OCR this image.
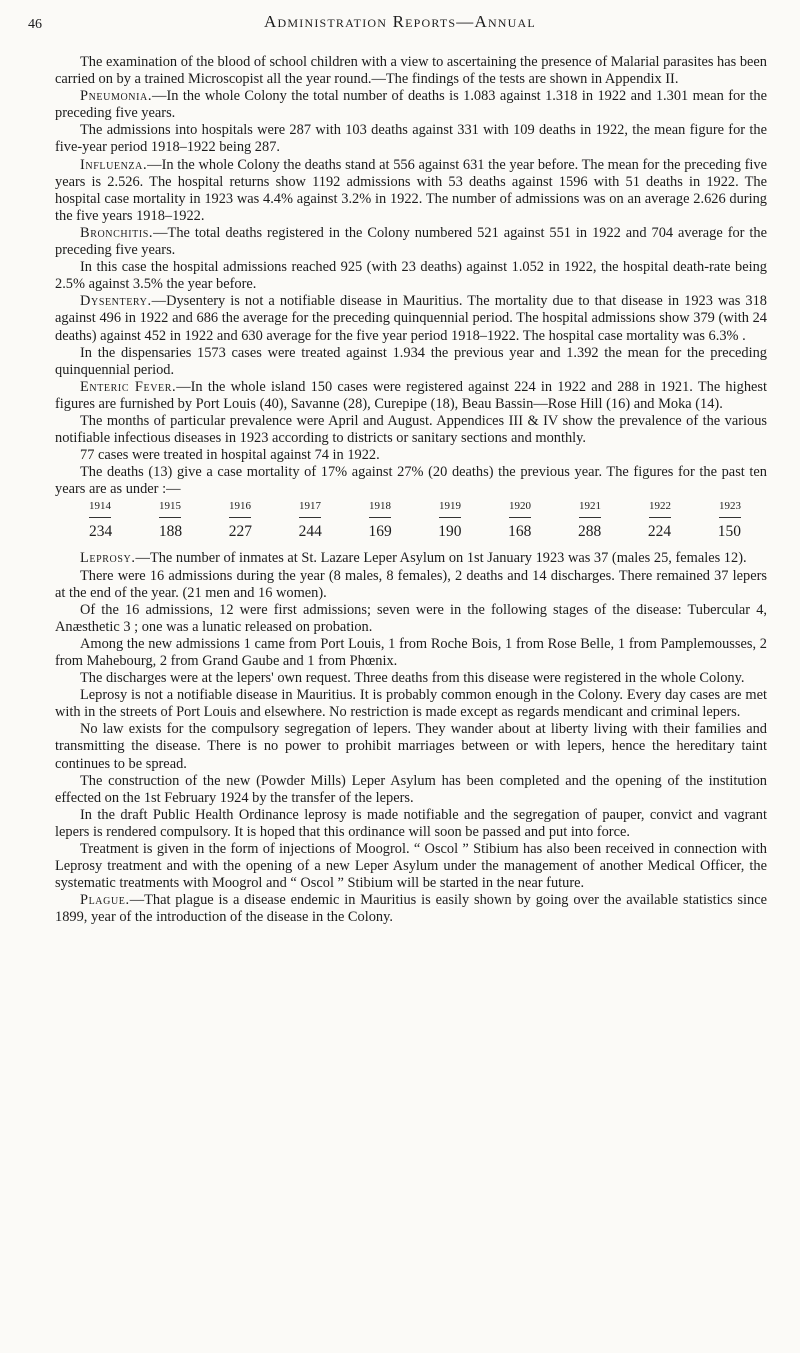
46	Administration Reports—Annual

The examination of the blood of school children with a view to ascertaining the presence of Malarial parasites has been carried on by a trained Microscopist all the year round.—The findings of the tests are shown in Appendix II.

Pneumonia.—In the whole Colony the total number of deaths is 1.083 against 1.318 in 1922 and 1.301 mean for the preceding five years.

The admissions into hospitals were 287 with 103 deaths against 331 with 109 deaths in 1922, the mean figure for the five-year period 1918–1922 being 287.

Influenza.—In the whole Colony the deaths stand at 556 against 631 the year before. The mean for the preceding five years is 2.526. The hospital returns show 1192 admissions with 53 deaths against 1596 with 51 deaths in 1922. The hospital case mortality in 1923 was 4.4% against 3.2% in 1922. The number of admissions was on an average 2.626 during the five years 1918–1922.

Bronchitis.—The total deaths registered in the Colony numbered 521 against 551 in 1922 and 704 average for the preceding five years.

In this case the hospital admissions reached 925 (with 23 deaths) against 1.052 in 1922, the hospital death-rate being 2.5% against 3.5% the year before.

Dysentery.—Dysentery is not a notifiable disease in Mauritius. The mortality due to that disease in 1923 was 318 against 496 in 1922 and 686 the average for the preceding quinquennial period. The hospital admissions show 379 (with 24 deaths) against 452 in 1922 and 630 average for the five year period 1918–1922. The hospital case mortality was 6.3% .

In the dispensaries 1573 cases were treated against 1.934 the previous year and 1.392 the mean for the preceding quinquennial period.

Enteric Fever.—In the whole island 150 cases were registered against 224 in 1922 and 288 in 1921. The highest figures are furnished by Port Louis (40), Savanne (28), Curepipe (18), Beau Bassin—Rose Hill (16) and Moka (14).

The months of particular prevalence were April and August. Appendices III & IV show the prevalence of the various notifiable infectious diseases in 1923 according to districts or sanitary sections and monthly.

77 cases were treated in hospital against 74 in 1922.

The deaths (13) give a case mortality of 17% against 27% (20 deaths) the previous year. The figures for the past ten years are as under :—

1914	1915	1916	1917	1918	1919	1920	1921	1922	1923
234	188	227	244	169	190	168	288	224	150

Leprosy.—The number of inmates at St. Lazare Leper Asylum on 1st January 1923 was 37 (males 25, females 12).

There were 16 admissions during the year (8 males, 8 females), 2 deaths and 14 discharges. There remained 37 lepers at the end of the year. (21 men and 16 women).

Of the 16 admissions, 12 were first admissions; seven were in the following stages of the disease: Tubercular 4, Anæsthetic 3 ; one was a lunatic released on probation.

Among the new admissions 1 came from Port Louis, 1 from Roche Bois, 1 from Rose Belle, 1 from Pamplemousses, 2 from Mahebourg, 2 from Grand Gaube and 1 from Phœnix.

The discharges were at the lepers' own request. Three deaths from this disease were registered in the whole Colony.

Leprosy is not a notifiable disease in Mauritius. It is probably common enough in the Colony. Every day cases are met with in the streets of Port Louis and elsewhere. No restriction is made except as regards mendicant and criminal lepers.

No law exists for the compulsory segregation of lepers. They wander about at liberty living with their families and transmitting the disease. There is no power to prohibit marriages between or with lepers, hence the hereditary taint continues to be spread.

The construction of the new (Powder Mills) Leper Asylum has been completed and the opening of the institution effected on the 1st February 1924 by the transfer of the lepers.

In the draft Public Health Ordinance leprosy is made notifiable and the segregation of pauper, convict and vagrant lepers is rendered compulsory. It is hoped that this ordinance will soon be passed and put into force.

Treatment is given in the form of injections of Moogrol. “ Oscol ” Stibium has also been received in connection with Leprosy treatment and with the opening of a new Leper Asylum under the management of another Medical Officer, the systematic treatments with Moogrol and “ Oscol ” Stibium will be started in the near future.

Plague.—That plague is a disease endemic in Mauritius is easily shown by going over the available statistics since 1899, year of the introduction of the disease in the Colony.
